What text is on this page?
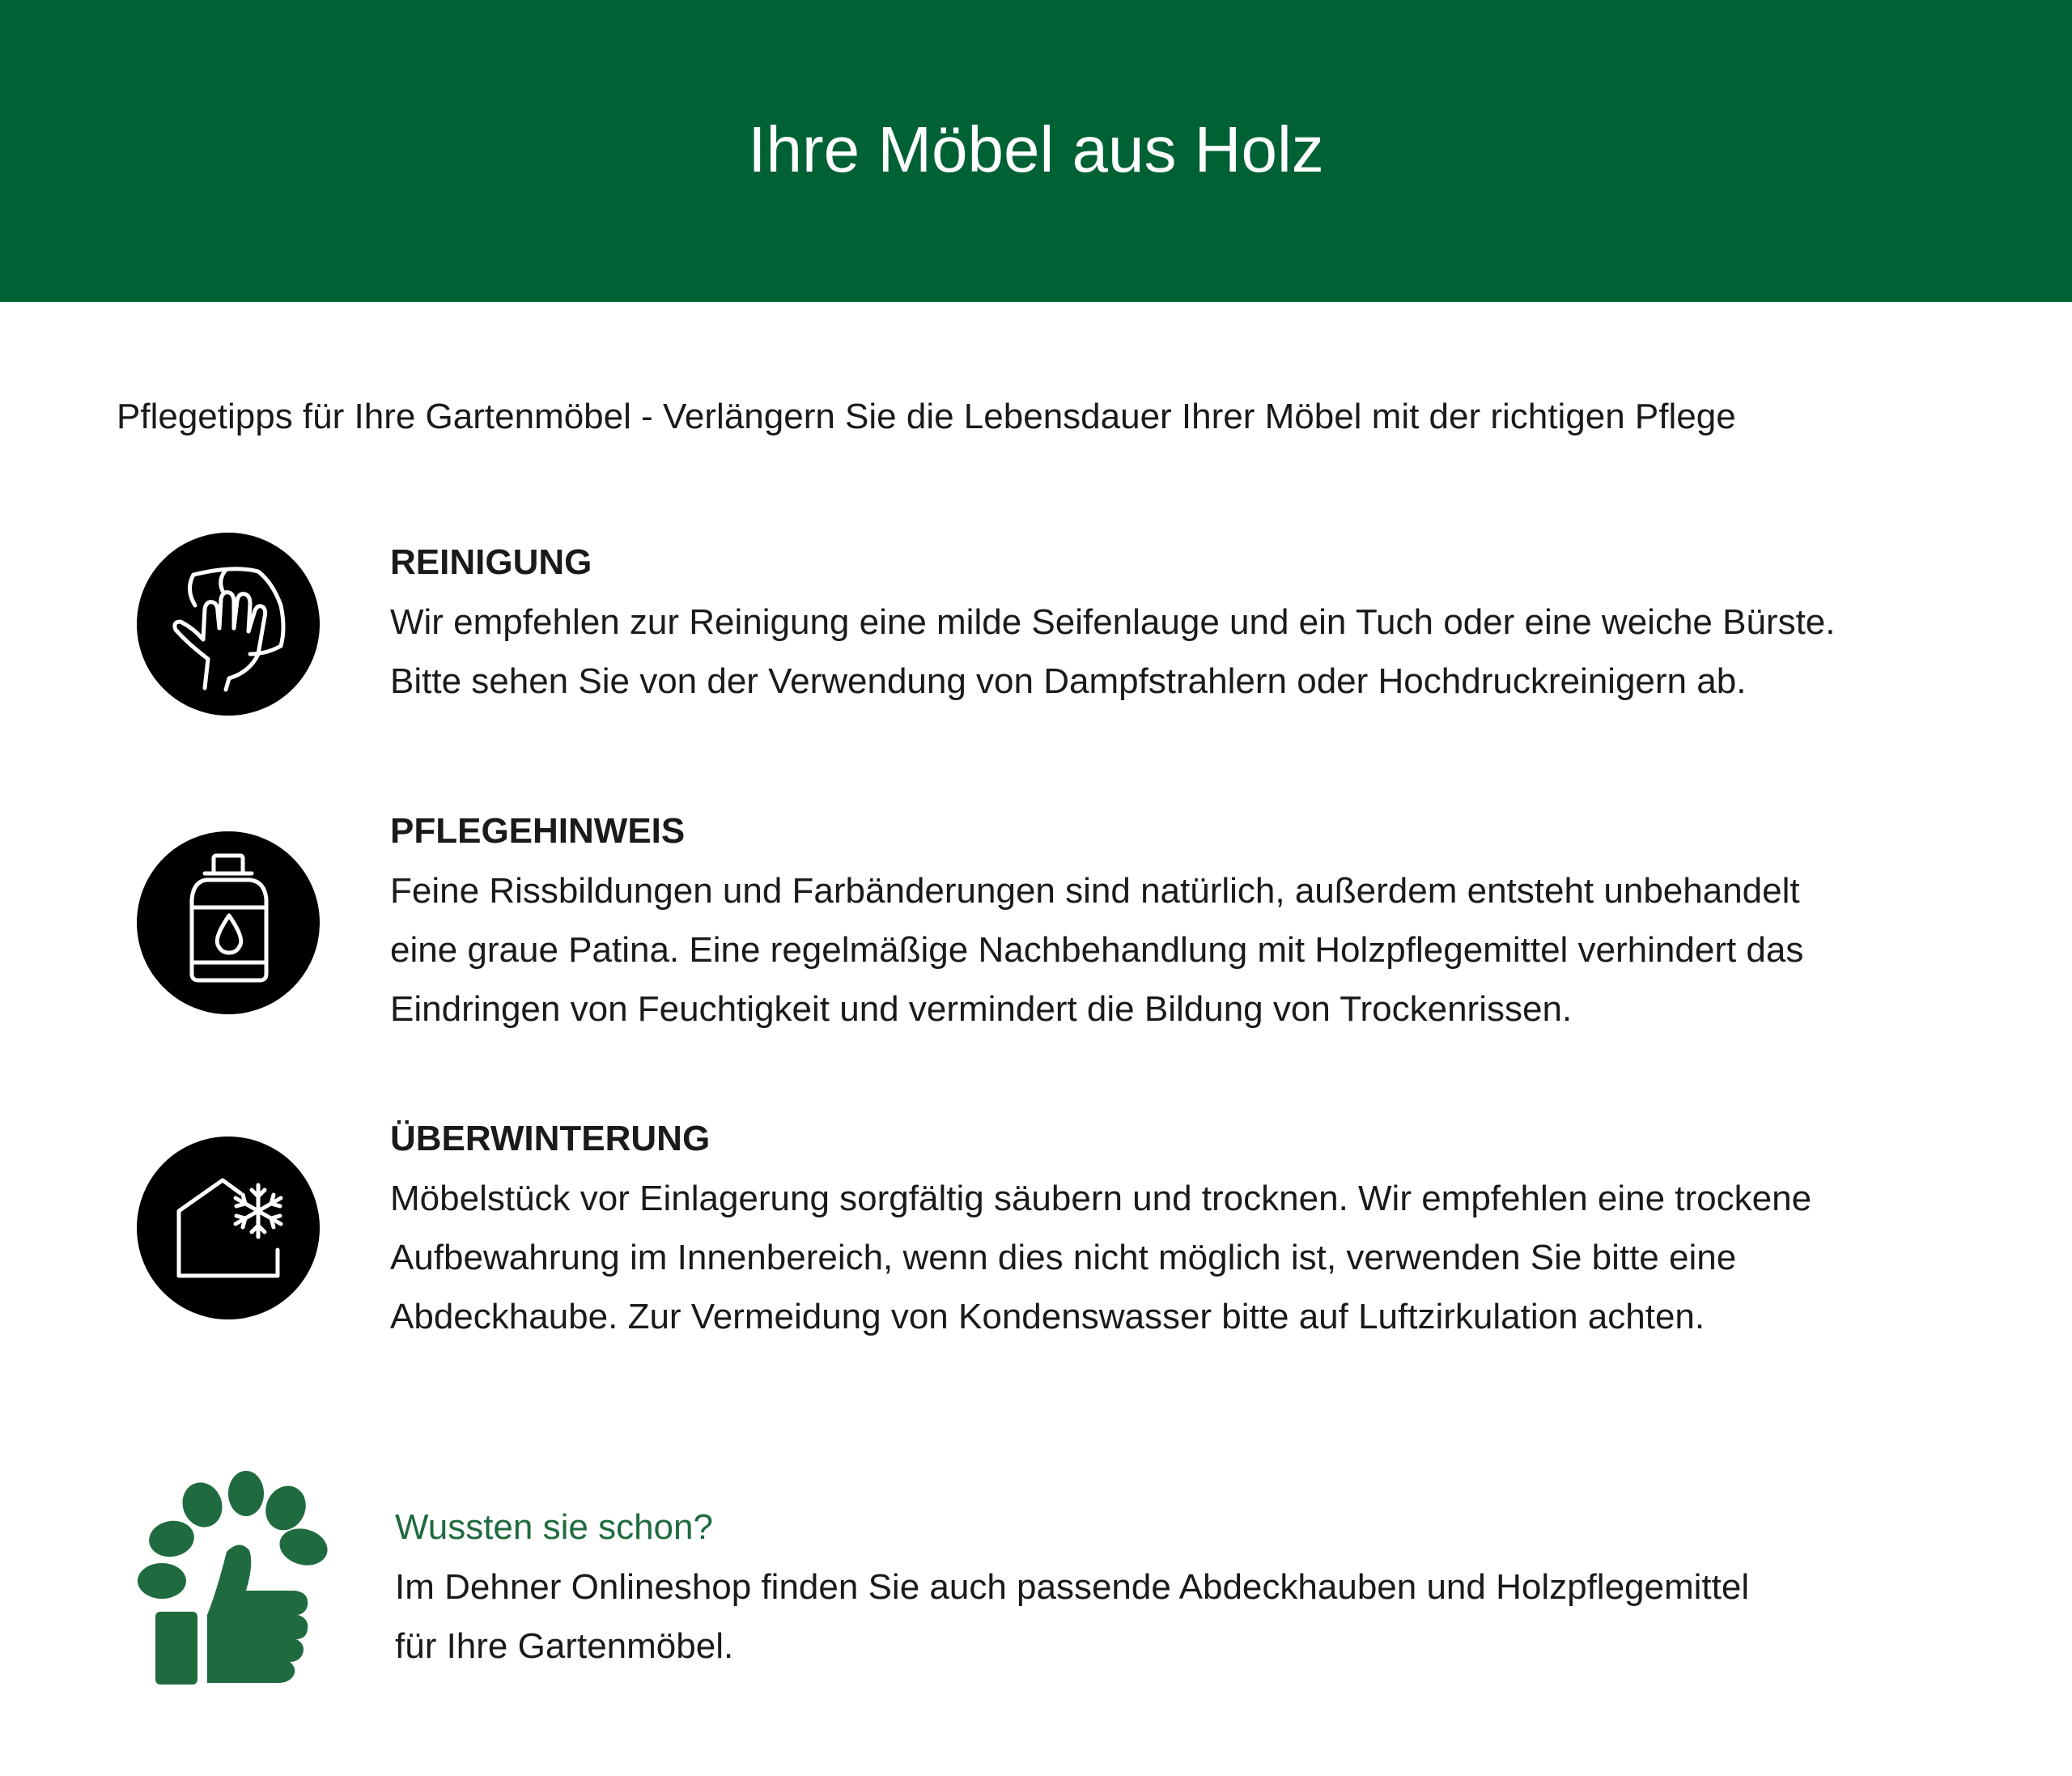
Ihre Möbel aus Holz
Pflegetipps für Ihre Gartenmöbel - Verlängern Sie die Lebensdauer Ihrer Möbel mit der richtigen Pflege
REINIGUNG
Wir empfehlen zur Reinigung eine milde Seifenlauge und ein Tuch oder eine weiche Bürste.
Bitte sehen Sie von der Verwendung von Dampfstrahlern oder Hochdruckreinigern ab.
PFLEGEHINWEIS
Feine Rissbildungen und Farbänderungen sind natürlich, außerdem entsteht unbehandelt
eine graue Patina. Eine regelmäßige Nachbehandlung mit Holzpflegemittel verhindert das
Eindringen von Feuchtigkeit und vermindert die Bildung von Trockenrissen.
ÜBERWINTERUNG
Möbelstück vor Einlagerung sorgfältig säubern und trocknen. Wir empfehlen eine trockene
Aufbewahrung im Innenbereich, wenn dies nicht möglich ist, verwenden Sie bitte eine
Abdeckhaube. Zur Vermeidung von Kondenswasser bitte auf Luftzirkulation achten.
Wussten sie schon?
Im Dehner Onlineshop finden Sie auch passende Abdeckhauben und Holzpflegemittel
für Ihre Gartenmöbel.
